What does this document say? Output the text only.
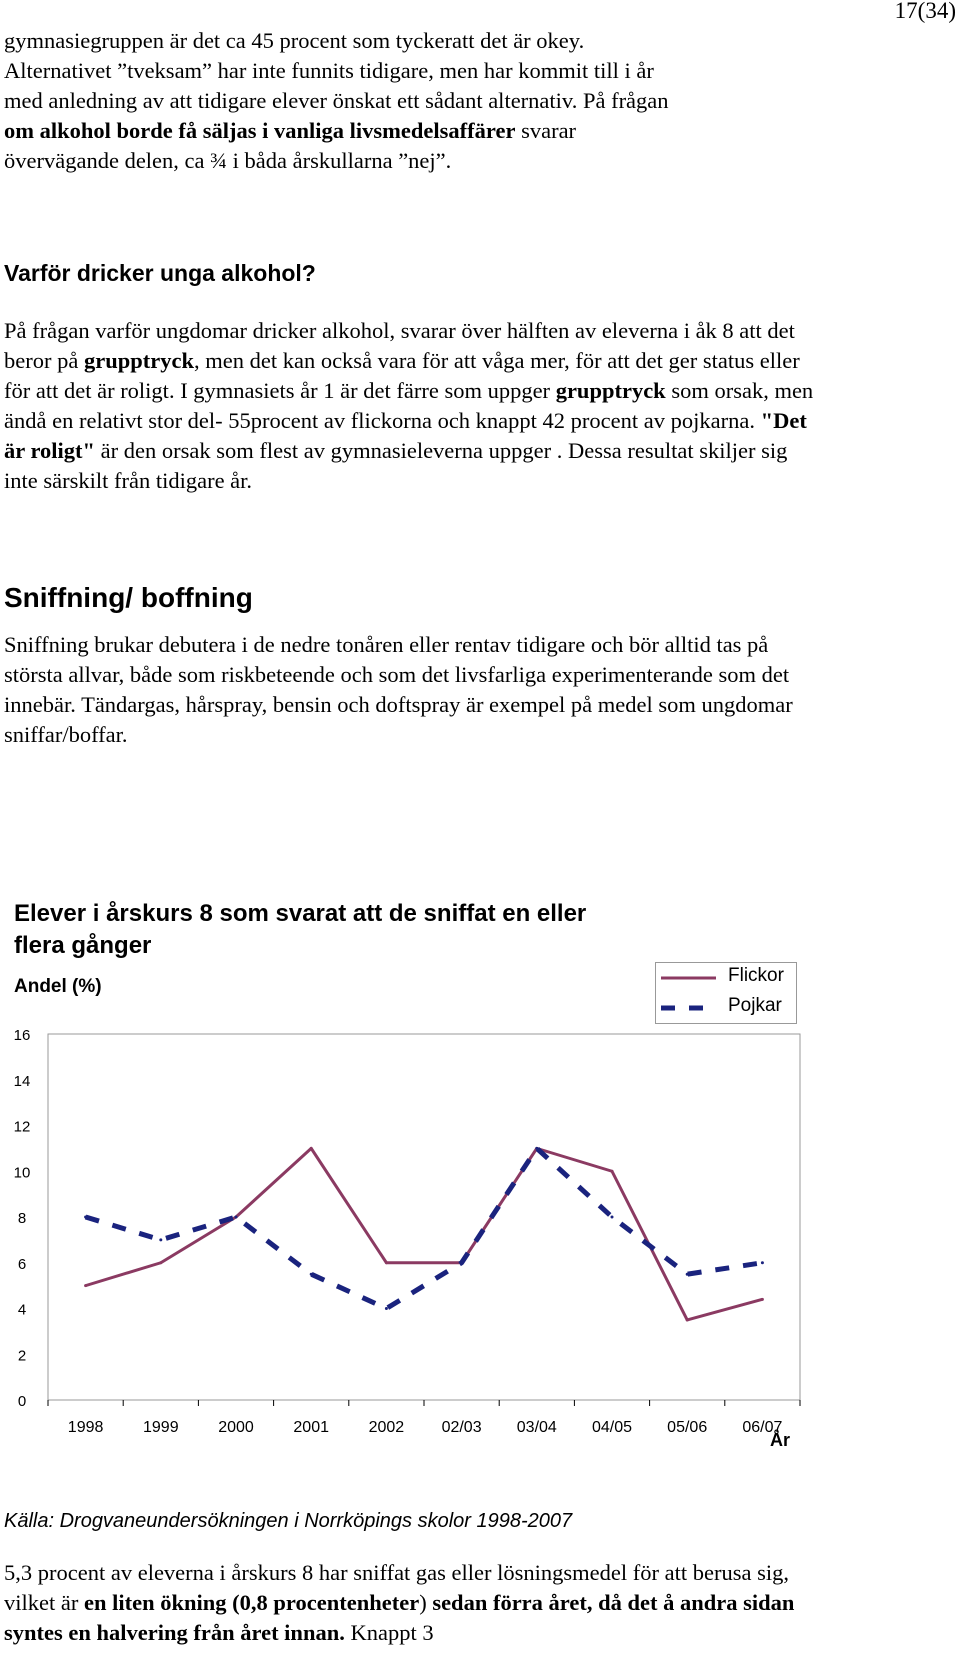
17(34)
gymnasiegruppen är det ca 45 procent som tyckeratt det är okey.
Alternativet ”tveksam” har inte funnits tidigare, men har kommit till i år
med anledning av att tidigare elever önskat ett sådant alternativ. På frågan
om alkohol borde få säljas i vanliga livsmedelsaffärer svarar
övervägande delen, ca ¾ i båda årskullarna ”nej”.
Varför dricker unga alkohol?

På frågan varför ungdomar dricker alkohol, svarar över hälften av eleverna i åk 8 att det beror på grupptryck, men det kan också vara för att våga mer, för att det ger status eller för att det är roligt. I gymnasiets år 1 är det färre som uppger grupptryck som orsak, men ändå en relativt stor del- 55procent av flickorna och knappt 42 procent av pojkarna. "Det är roligt" är den orsak som flest av gymnasieleverna uppger . Dessa resultat skiljer sig inte särskilt från tidigare år.

Sniffning/ boffning

Sniffning brukar debutera i de nedre tonåren eller rentav tidigare och bör alltid tas på största allvar, både som riskbeteende och som det livsfarliga experimenterande som det innebär. Tändargas, hårspray, bensin och doftspray är exempel på medel som ungdomar sniffar/boffar.

Elever i årskurs 8 som svarat att de sniffat en eller flera gånger
Andel (%)
Flickor
Pojkar
0
2
4
6
8
10
12
14
16
1998 1999 2000 2001 2002 02/03 03/04 04/05 05/06 06/07
År
Källa: Drogvaneundersökningen i Norrköpings skolor 1998-2007

5,3 procent av eleverna i årskurs 8 har sniffat gas eller lösningsmedel för att berusa sig, vilket är en liten ökning (0,8 procentenheter) sedan förra året, då det å andra sidan syntes en halvering från året innan. Knappt 3
